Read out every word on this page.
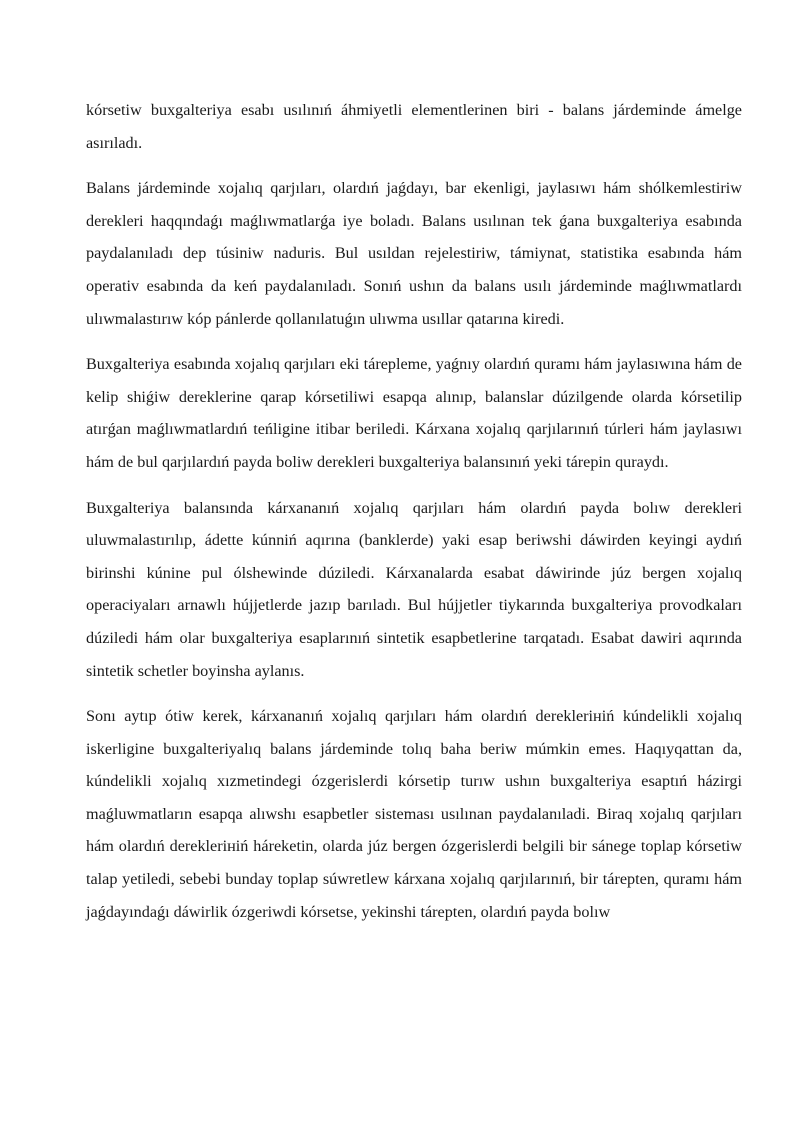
kórsetiw buxgalteriya esabı usılınıń áhmiyetli elementlerinen biri - balans járdeminde ámelge asırıladı.

Balans járdeminde xojalıq qarjıları, olardıń jaǵdayı, bar ekenligi, jaylasıwı hám shólkemlestiriw derekleri haqqındaǵı maǵlıwmatlarǵa iye boladı. Balans usılınan tek ǵana buxgalteriya esabında paydalanıladı dep túsiniw naduris. Bul usıldan rejelestiriw, támiynat, statistika esabında hám operativ esabında da keń paydalanıladı. Sonıń ushın da balans usılı járdeminde maǵlıwmatlardı ulıwmalastırıw kóp pánlerde qollanılatuǵın ulıwma usıllar qatarına kiredi.

Buxgalteriya esabında xojalıq qarjıları eki tárepleme, yaǵnıy olardıń quramı hám jaylasıwına hám de kelip shiǵiw dereklerine qarap kórsetiliwi esapqa alınıp, balanslar dúzilgende olarda kórsetilip atırǵan maǵlıwmatlardıń teńligine itibar beriledi. Kárxana xojalıq qarjılarınıń túrleri hám jaylasıwı hám de bul qarjılardıń payda boliw derekleri buxgalteriya balansınıń yeki tárepin quraydı.

Buxgalteriya balansında kárxananıń xojalıq qarjıları hám olardıń payda bolıw derekleri uluwmalastırılıp, ádette kúnniń aqırına (banklerde) yaki esap beriwshi dáwirden keyingi aydıń birinshi kúnine pul ólshewinde dúziledi. Kárxanalarda esabat dáwirinde júz bergen xojalıq operaciyaları arnawlı hújjetlerde jazıp barıladı. Bul hújjetler tiykarında buxgalteriya provodkaları dúziledi hám olar buxgalteriya esaplarınıń sintetik esapbetlerine tarqatadı. Esabat dawiri aqırında sintetik schetler boyinsha aylanıs.

Sonı aytıp ótiw kerek, kárxananıń xojalıq qarjıları hám olardıń dereklerініń kúndelikli xojalıq iskerligine buxgalteriyalıq balans járdeminde tolıq baha beriw múmkin emes. Haqıyqattan da, kúndelikli xojalıq xızmetindegi ózgerislerdi kórsetip turıw ushın buxgalteriya esaptıń házirgi maǵluwmatların esapqa alıwshı esapbetler sisteması usılınan paydalanıladi. Biraq xojalıq qarjıları hám olardıń dereklerініń háreketin, olarda júz bergen ózgerislerdi belgili bir sánege toplap kórsetiw talap yetiledi, sebebi bunday toplap súwretlew kárxana xojalıq qarjılarınıń, bir tárepten, quramı hám jaǵdayındaǵı dáwirlik ózgeriwdi kórsetse, yekinshi tárepten, olardıń payda bolıw
